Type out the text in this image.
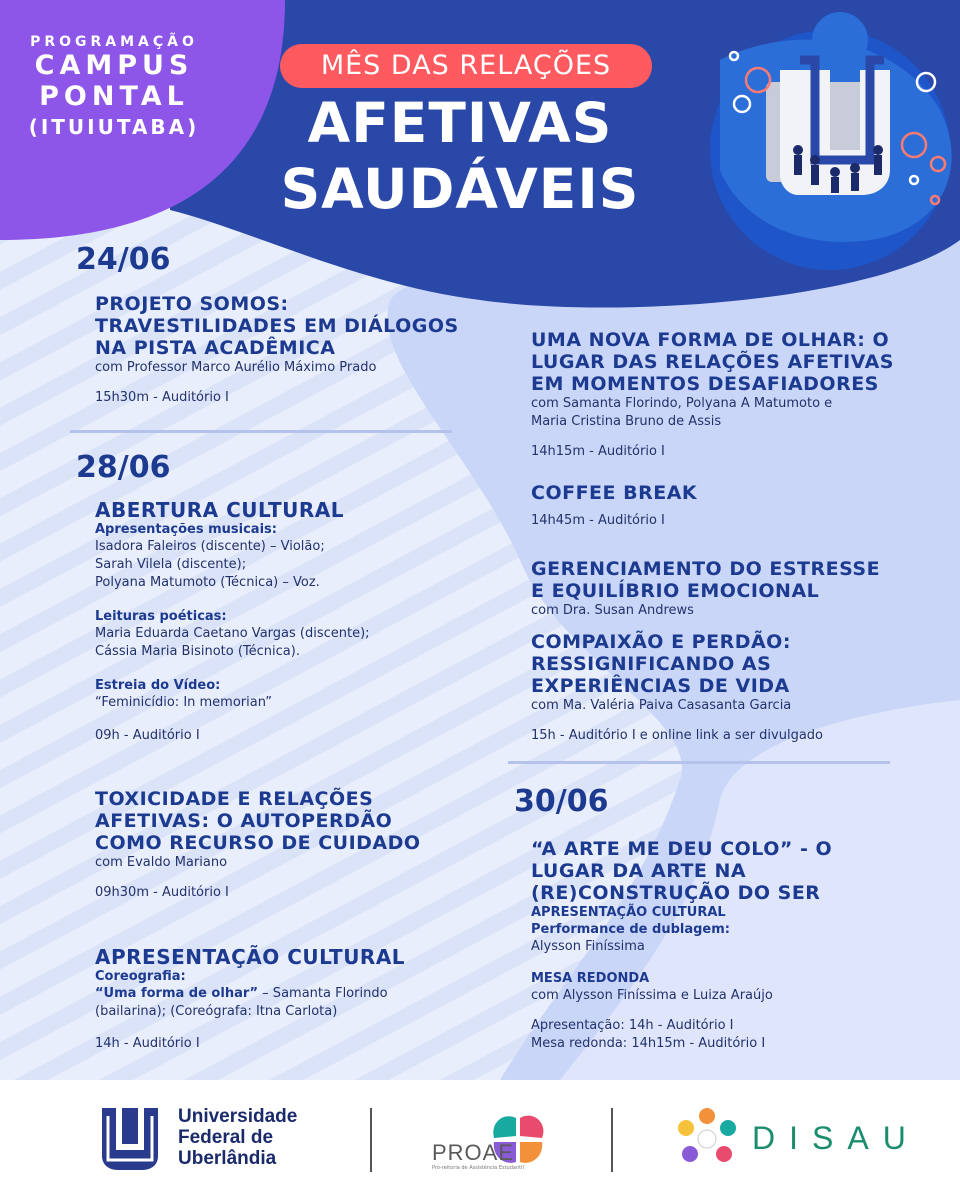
PROGRAMAÇÃO
CAMPUS
PONTAL
(ITUIUTABA)
MÊS DAS RELAÇÕES
AFETIVAS
SAUDÁVEIS
24/06
PROJETO SOMOS:
TRAVESTILIDADES EM DIÁLOGOS
NA PISTA ACADÊMICA
com Professor Marco Aurélio Máximo Prado
15h30m - Auditório I
28/06
ABERTURA CULTURAL
Apresentações musicais:
Isadora Faleiros (discente) – Violão;
Sarah Vilela (discente);
Polyana Matumoto (Técnica) – Voz.
Leituras poéticas:
Maria Eduarda Caetano Vargas (discente);
Cássia Maria Bisinoto (Técnica).
Estreia do Vídeo:
“Feminicídio: In memorian”
09h - Auditório I
TOXICIDADE E RELAÇÕES
AFETIVAS: O AUTOPERDÃO
COMO RECURSO DE CUIDADO
com Evaldo Mariano
09h30m - Auditório I
APRESENTAÇÃO CULTURAL
Coreografia:
“Uma forma de olhar” – Samanta Florindo
(bailarina); (Coreógrafa: Itna Carlota)
14h - Auditório I
UMA NOVA FORMA DE OLHAR: O
LUGAR DAS RELAÇÕES AFETIVAS
EM MOMENTOS DESAFIADORES
com Samanta Florindo, Polyana A Matumoto e
Maria Cristina Bruno de Assis
14h15m - Auditório I
COFFEE BREAK
14h45m - Auditório I
GERENCIAMENTO DO ESTRESSE
E EQUILÍBRIO EMOCIONAL
com Dra. Susan Andrews
COMPAIXÃO E PERDÃO:
RESSIGNIFICANDO AS
EXPERIÊNCIAS DE VIDA
com Ma. Valéria Paiva Casasanta Garcia
15h - Auditório I e online link a ser divulgado
30/06
“A ARTE ME DEU COLO” - O
LUGAR DA ARTE NA
(RE)CONSTRUÇÃO DO SER
APRESENTAÇÃO CULTURAL
Performance de dublagem:
Alysson Finíssima
MESA REDONDA
com Alysson Finíssima e Luiza Araújo
Apresentação: 14h - Auditório I
Mesa redonda: 14h15m - Auditório I
Universidade
Federal de
Uberlândia	PROAE
Pró-reitoria de Assistência Estudantil
DISAU
